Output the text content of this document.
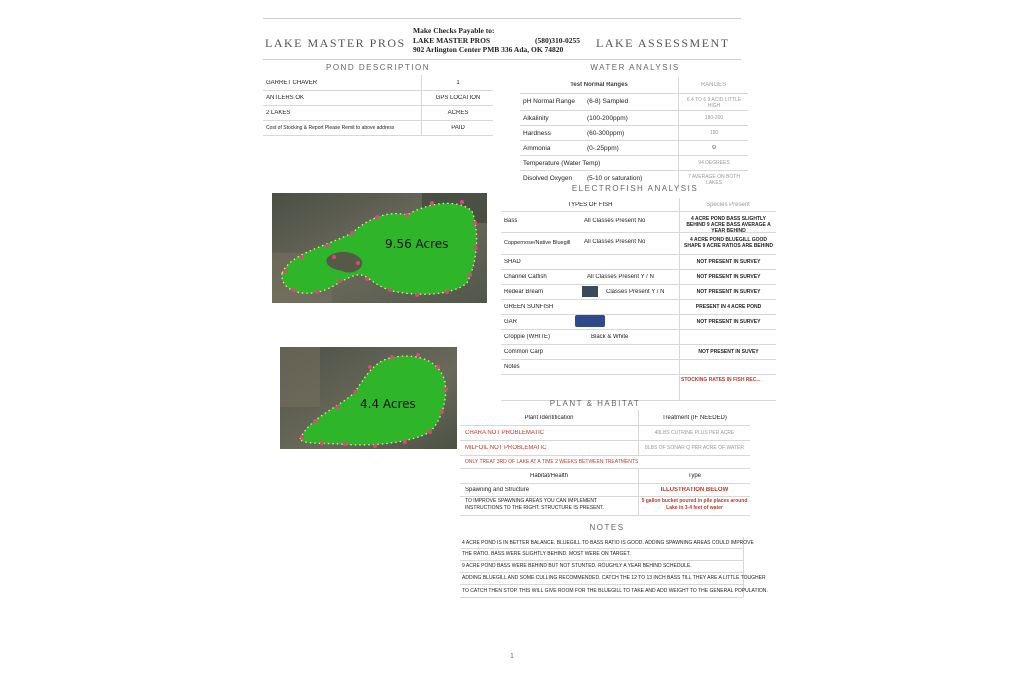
LAKE MASTER PROS
Make Checks Payable to:
LAKE MASTER PROS
902 Arlington Center PMB 336 Ada, OK 74820
(580)310-0255 LAKE ASSESSMENT
POND DESCRIPTION
GARRET CHAVER	1
ANTLERS OK	GPS LOCATION
2 LAKES	ACRES
Cost of Stocking & Report Please Remit to above address	PAID
WATER ANALYSIS
Test Normal Ranges	RANGES
pH Normal Range (6-8) Sampled	6.4 TO 6.9 ACID LITTLE HIGH
Alkalinity	(100-200ppm)	180-200
Hardness	(60-300ppm)	150
Ammonia	(0-.25ppm)	0
Temperature (Water Temp)	94 DEGREES
Disolved Oxygen (5-10 or saturation)	7 AVERAGE ON BOTH LAKES
9.56 Acres
4.4 Acres
ELECTROFISH ANALYSIS
TYPES OF FISH	Species Present
Bass	All Classes Present No	4 ACRE POND BASS SLIGHTLY BEHIND 9 ACRE BASS AVERAGE A YEAR BEHIND
Coppernose/Native Bluegill All Classes Present No	4 ACRE POND BLUEGILL GOOD SHAPE 9 ACRE RATIOS ARE BEHIND
SHAD	NOT PRESENT IN SURVEY
Channel Catfish	All Classes Present Y / N	NOT PRESENT IN SURVEY
Redear Bream	Classes Present Y / N	NOT PRESENT IN SURVEY
GREEN SUNFISH	PRESENT IN 4 ACRE POND
GAR	NOT PRESENT IN SURVEY
Croppie (WHITE)	Black & White
Common Carp	NOT PRESENT IN SUVEY
Notes
STOCKING RATES IN FISH REC...
PLANT & HABITAT
Plant Identification	Treatment (IF NEEDED)
CHARA NOT PROBLEMATIC	40LBS CUTRINE PLUS PER ACRE
MILFOIL NOT PROBLEMATIC	8LBS OF SONAR Q PER ACRE OF WATER
ONLY TREAT 3RD OF LAKE AT A TIME 2 WEEKS BETWEEN TREATMENTS
Habitat/Health	Type
Spawning and Structure	ILLUSTRATION BELOW
TO IMPROVE SPAWNING AREAS YOU CAN IMPLEMENT INSTRUCTIONS TO THE RIGHT. STRUCTURE IS PRESENT.
5 gallon bucket poured in pile places around Lake in 3-4 feet of water
NOTES
4 ACRE POND IS IN BETTER BALANCE. BLUEGILL TO BASS RATIO IS GOOD. ADDING SPAWNING AREAS COULD IMPROVE
THE RATIO. BASS WERE SLIGHTLY BEHIND. MOST WERE ON TARGET.
9 ACRE POND BASS WERE BEHIND BUT NOT STUNTED. ROUGHLY A YEAR BEHIND SCHEDULE.
ADDING BLUEGILL AND SOME CULLING RECOMMENDED. CATCH THE 12 TO 13 INCH BASS TILL THEY ARE A LITTLE TOUGHER
TO CATCH THEN STOP. THIS WILL GIVE ROOM FOR THE BLUEGILL TO TAKE AND ADD WEIGHT TO THE GENERAL POPULATION.
1
